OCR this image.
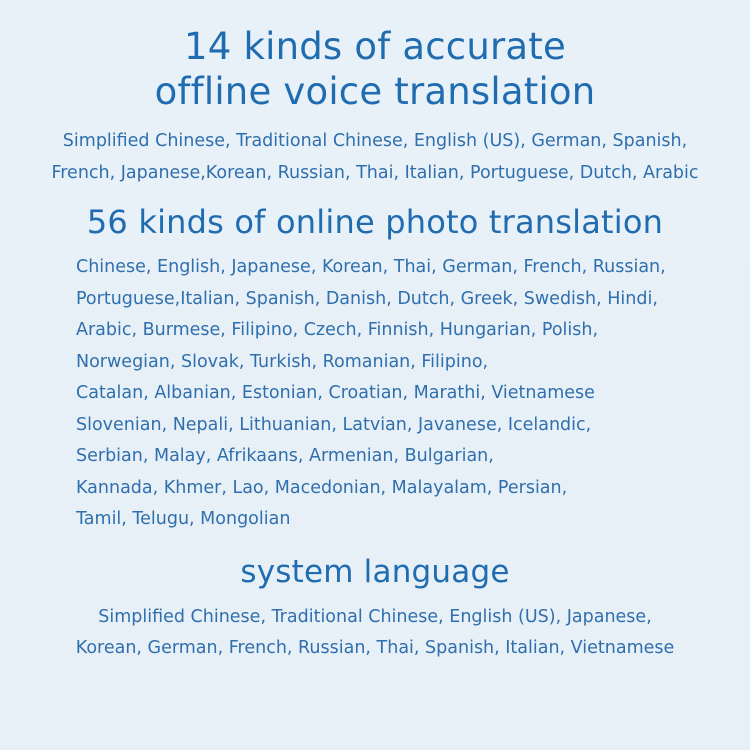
14 kinds of accurate
offline voice translation
Simplified Chinese, Traditional Chinese, English (US), German, Spanish,
French, Japanese,Korean, Russian, Thai, Italian, Portuguese, Dutch, Arabic
56 kinds of online photo translation
Chinese, English, Japanese, Korean, Thai, German, French, Russian,
Portuguese,Italian, Spanish, Danish, Dutch, Greek, Swedish, Hindi,
Arabic, Burmese, Filipino, Czech, Finnish, Hungarian, Polish,
Norwegian, Slovak, Turkish, Romanian, Filipino,
Catalan, Albanian, Estonian, Croatian, Marathi, Vietnamese
Slovenian, Nepali, Lithuanian, Latvian, Javanese, Icelandic,
Serbian, Malay, Afrikaans, Armenian, Bulgarian,
Kannada, Khmer, Lao, Macedonian, Malayalam, Persian,
Tamil, Telugu, Mongolian
system language
Simplified Chinese, Traditional Chinese, English (US), Japanese,
Korean, German, French, Russian, Thai, Spanish, Italian, Vietnamese
